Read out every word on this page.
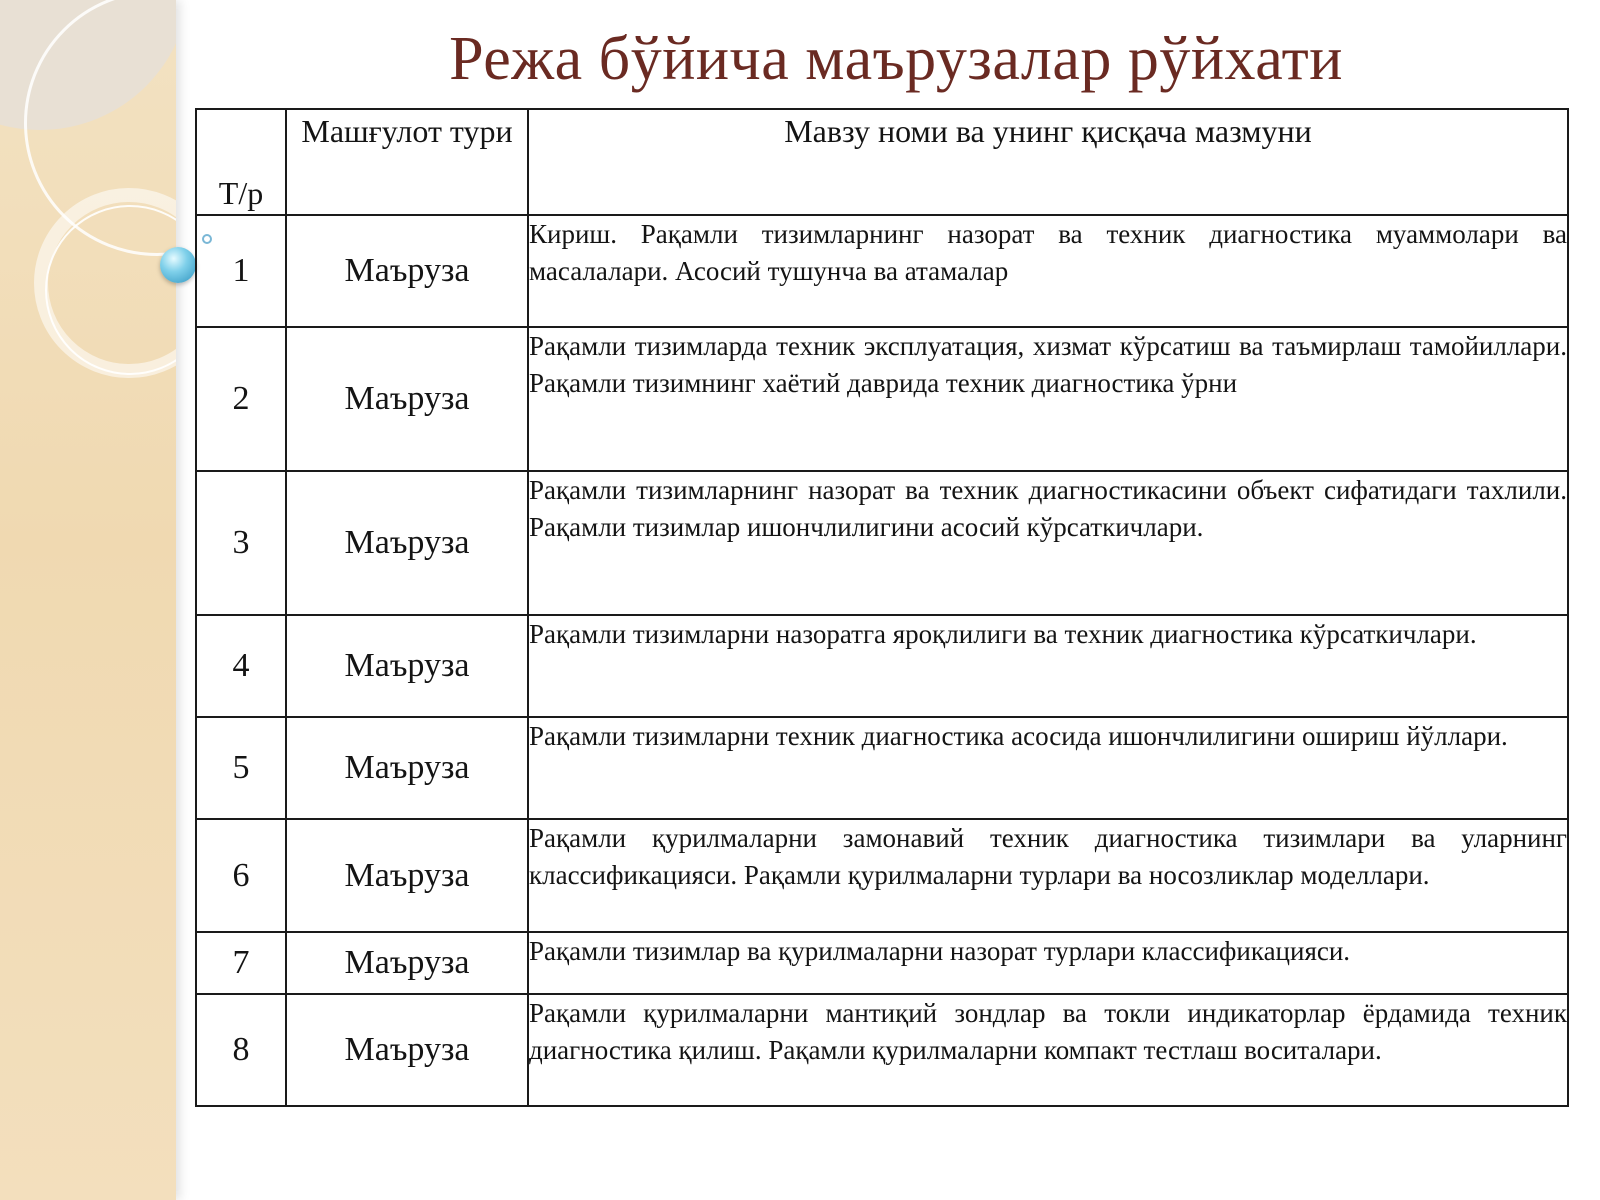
Режа бўйича маърузалар рўйхати
Т/р	Машғулот тури	Мавзу номи ва унинг қисқача мазмуни
1	Маъруза	Кириш. Рақамли тизимларнинг назорат ва техник диагностика муаммолари ва масалалари. Асосий тушунча ва атамалар
2	Маъруза	Рақамли тизимларда техник эксплуатация, хизмат кўрсатиш ва таъмирлаш тамойиллари. Рақамли тизимнинг хаётий даврида техник диагностика ўрни
3	Маъруза	Рақамли тизимларнинг назорат ва техник диагностикасини объект сифатидаги тахлили. Рақамли тизимлар ишончлилигини асосий кўрсаткичлари.
4	Маъруза	Рақамли тизимларни назоратга яроқлилиги ва техник диагностика кўрсаткичлари.
5	Маъруза	Рақамли тизимларни техник диагностика асосида ишончлилигини ошириш йўллари.
6	Маъруза	Рақамли қурилмаларни замонавий техник диагностика тизимлари ва уларнинг классификацияси. Рақамли қурилмаларни турлари ва носозликлар моделлари.
7	Маъруза	Рақамли тизимлар ва қурилмаларни назорат турлари классификацияси.
8	Маъруза	Рақамли қурилмаларни мантиқий зондлар ва токли индикаторлар ёрдамида техник диагностика қилиш. Рақамли қурилмаларни компакт тестлаш воситалари.
